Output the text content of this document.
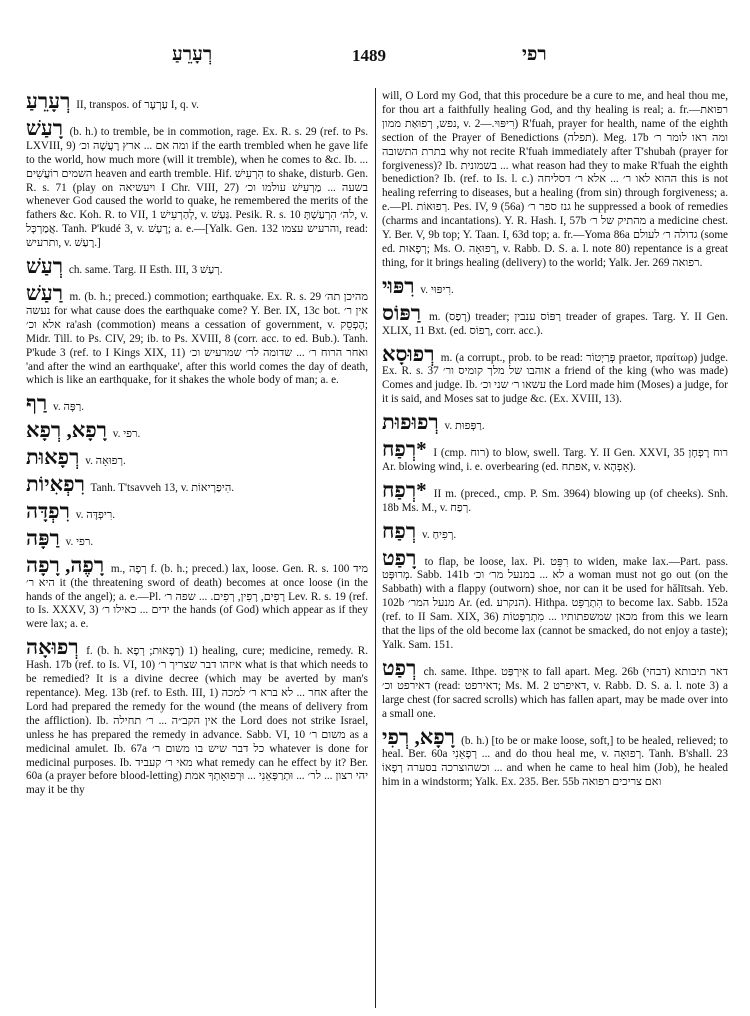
רְעָרֵעַ	1489	רפי
רְעָרֵעַ II, transpos. of עַרְעָר I, q. v.
רָעַשׁ (b. h.) to tremble, be in commotion, rage. Ex. R. s. 29 (ref. to Ps. LXVIII, 9) ומה אם ... ארץ רָעֲשָׁה וכ׳ if the earth trembled when he gave life to the world, how much more (will it tremble), when he comes to &c. Ib. ... השמים רוֹעֲשִׁים heaven and earth tremble. Hif. הִרְעִישׁ to shake, disturb. Gen. R. s. 71 (play on ויעשיאה I Chr. VIII, 27) בשעה ... מַרְעִישׁ עולמו וכ׳ whenever God caused the world to quake, he remembered the merits of the fathers &c. Koh. R. to VII, 1 לְהַרְעִישׁ, v. גַּעַשׁ. Pesik. R. s. 10 לה׳ הִרְעַשְׁתָּ, v. אֲמַרְכָּל. Tanh. P'kudé 3, v. רָעַשׁ; a. e.—[Yalk. Gen. 132 והרעיש עצמו, read: ותרעיש, v. רָעַשׁ.]
רְעַשׁ ch. same. Targ. II Esth. III, 3 רְעַשׁ.
רַעַשׁ m. (b. h.; preced.) commotion; earthquake. Ex. R. s. 29 מהיכן תה׳ נעשה for what cause does the earthquake come? Y. Ber. IX, 13c bot. אין ר׳ אלא וכ׳ ra'ash (commotion) means a cessation of government, v. הֶפְסֵק; Midr. Till. to Ps. CIV, 29; ib. to Ps. XVIII, 8 (corr. acc. to ed. Bub.). Tanh. P'kude 3 (ref. to I Kings XIX, 11) ואחר הרוח ר׳ ... שדומה לר׳ שמרעיש וכ׳ 'and after the wind an earthquake', after this world comes the day of death, which is like an earthquake, for it shakes the whole body of man; a. e.
רַף v. רַפָּה.
רָפָא, רְפָא v. רפי.
רְפָאוּת v. רְפוּאָה.
רִפְאִיוֹת Tanh. T'tsavveh 13, v. הִיפַרְיאוֹת.
רִפְדָּה v. רִיפְדָּה.
רַפָּה v. רפי.
רָפֶה, רָפָה m., רְפָה f. (b. h.; preced.) lax, loose. Gen. R. s. 100 מיד היא ר׳ it (the threatening sword of death) becomes at once loose (in the hands of the angel); a. e.—Pl. רָפִים, רָפִין, רְפִים. ... שפה ר׳ Lev. R. s. 19 (ref. to Is. XXXV, 3) ידים ... כאילו ר׳ the hands (of God) which appear as if they were lax; a. e.
רְפוּאָה f. (b. h. רְפָאוּת; רְפָא) 1) healing, cure; medicine, remedy. R. Hash. 17b (ref. to Is. VI, 10) איזהו דבר שצריך ר׳ what is that which needs to be remedied? It is a divine decree (which may be averted by man's repentance). Meg. 13b (ref. to Esth. III, 1) אחר ... לא ברא ר׳ למכה after the Lord had prepared the remedy for the wound (the means of delivery from the affliction). Ib. אין הקב״ה ... ר׳ תחילה the Lord does not strike Israel, unless he has prepared the remedy in advance. Sabb. VI, 10 משום ר׳ as a medicinal amulet. Ib. 67a כל דבר שיש בו משום ר׳ whatever is done for medicinal purposes. Ib. מאי ר׳ קעביד what remedy can he effect by it? Ber. 60a (a prayer before blood-letting) יהי רצון ... לר׳ ... וּתְרַפְּאֵנִי ... וּרְפוּאָתְךָ אמת may it be thy
will, O Lord my God, that this procedure be a cure to me, and heal thou me, for thou art a faithfully healing God, and thy healing is real; a. fr.—רפואת נפש, רְפוּאַת ממון, v. רִיפּוּי.—2) R'fuah, prayer for health, name of the eighth section of the Prayer of Benedictions (תפלה). Meg. 17b ומה ראו לומר ר׳ בתרת התשובה why not recite R'fuah immediately after T'shubah (prayer for forgiveness)? Ib. בשמונית ... what reason had they to make R'fuah the eighth benediction? Ib. (ref. to Is. l. c.) ההוא לאו ר׳ ... אלא ר׳ דסליחה this is not healing referring to diseases, but a healing (from sin) through forgiveness; a. e.—Pl. רְפוּאוֹת. Pes. IV, 9 (56a) גנז ספר ר׳ he suppressed a book of remedies (charms and incantations). Y. R. Hash. I, 57b מהתיק של ר׳ a medicine chest. Y. Ber. V, 9b top; Y. Taan. I, 63d top; a. fr.—Yoma 86a גדולה ר׳ לעולם (some ed. רְפָאוּת; Ms. O. רְפוּאָה, v. Rabb. D. S. a. l. note 80) repentance is a great thing, for it brings healing (delivery) to the world; Yalk. Jer. 269 רפואה.
רִפּוּי v. רִיפּוּי.
רַפּוֹס m. (רָפַס) treader; רַפּוֹס ענבין treader of grapes. Targ. Y. II Gen. XLIX, 11 Bxt. (ed. רְפוֹס, corr. acc.).
רְפוּסָא m. (a corrupt., prob. to be read: פְּרַיְטוֹר praetor, πραίτωρ) judge. Ex. R. s. 37 אוהבו של מלך קומיס ור׳ a friend of the king (who was made) Comes and judge. Ib. עשאו ר׳ שני וכ׳ the Lord made him (Moses) a judge, for it is said, and Moses sat to judge &c. (Ex. XVIII, 13).
רְפוּפוּת v. רַפְּפוּת.
*רְפַח I (cmp. רוח) to blow, swell. Targ. Y. II Gen. XXVI, 35 רוח רָפְחָן Ar. blowing wind, i. e. overbearing (ed. אפתח, v. אָפְהָא).
*רְפַח II m. (preced., cmp. P. Sm. 3964) blowing up (of cheeks). Snh. 18b Ms. M., v. רְפַח.
רְפַח v. רְפִיחַ.
רָפַט to flap, be loose, lax. Pi. רִפֵּט to widen, make lax.—Part. pass. מְרוּפָּט. Sabb. 141b לא ... במנעל מר׳ וכ׳ a woman must not go out (on the Sabbath) with a flappy (outworn) shoe, nor can it be used for hălītsah. Yeb. 102b מנעל המר׳ Ar. (ed. הנקרע). Hithpa. הִתְרַפֵּט to become lax. Sabb. 152a (ref. to II Sam. XIX, 36) מכאן שמשפתותיו ... מִתְרַפְּטוֹת from this we learn that the lips of the old become lax (cannot be smacked, do not enjoy a taste); Yalk. Sam. 151.
רְפַט ch. same. Ithpe. אִירְפַּט to fall apart. Meg. 26b דאר תיבותא (דבחי) דאירפט וכ׳ (read: דאירפט; Ms. M. 2 דאיפרט, v. Rabb. D. S. a. l. note 3) a large chest (for sacred scrolls) which has fallen apart, may be made over into a small one.
רָפָא, רְפִי (b. h.) [to be or make loose, soft,] to be healed, relieved; to heal. Ber. 60a רְפָאֵנִי ... and do thou heal me, v. רְפוּאָה. Tanh. B'shall. 23 וכשהוצרכה בסערה רְפָאוֹ ... and when he came to heal him (Job), he healed him in a windstorm; Yalk. Ex. 235. Ber. 55b ואם צריכים רפואה
